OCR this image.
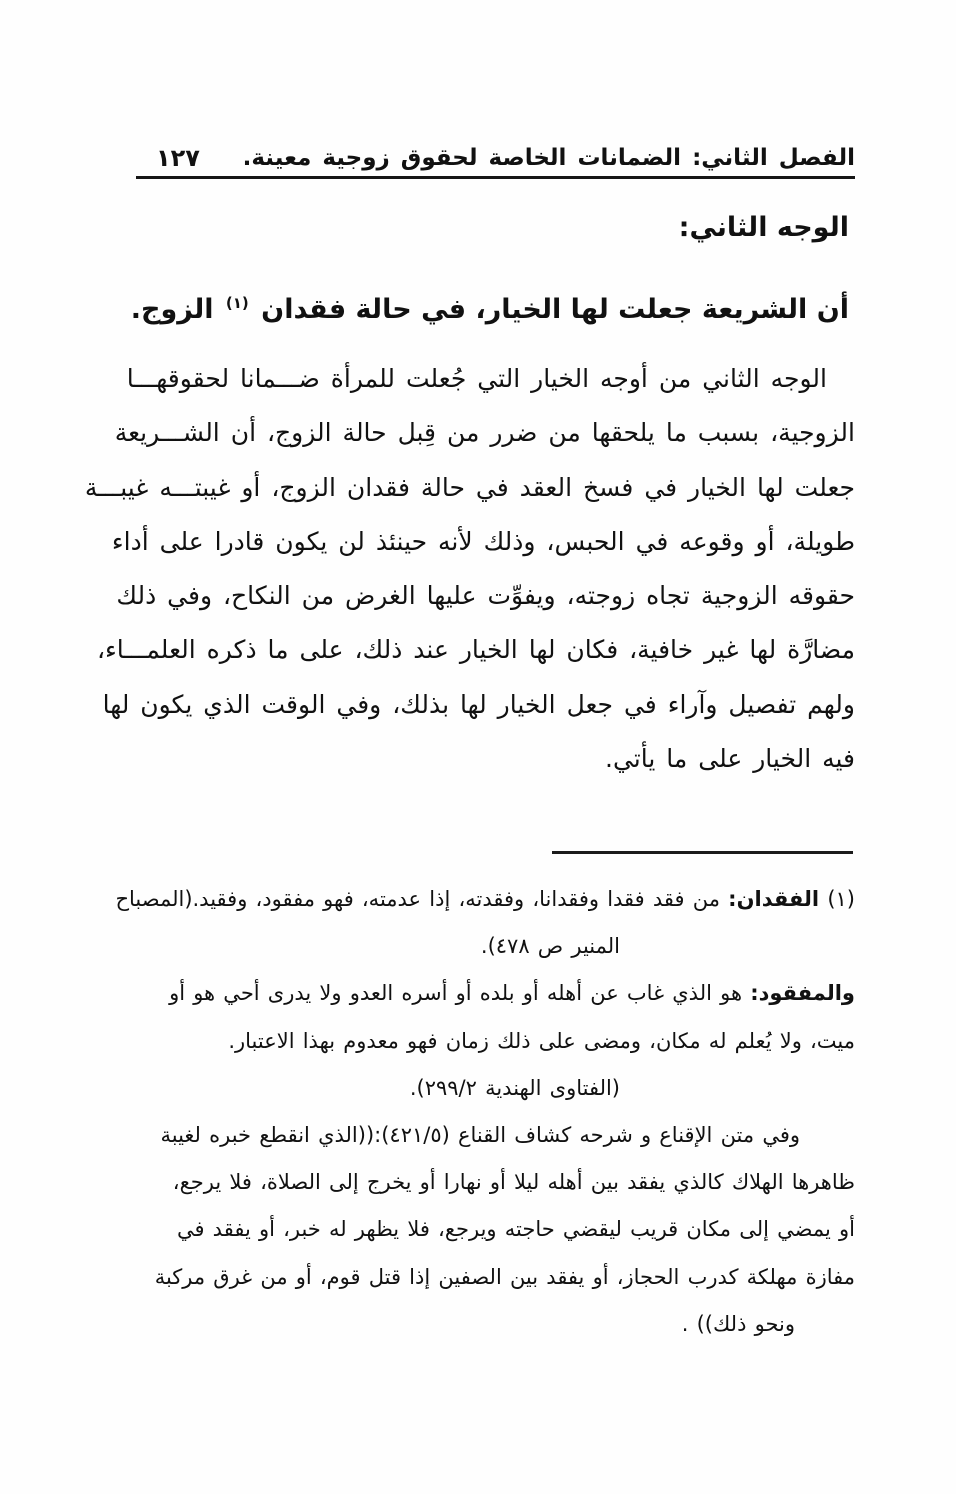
الفصل الثاني: الضمانات الخاصة لحقوق زوجية معينة.
١٢٧
الوجه الثاني:
أن الشريعة جعلت لها الخيار، في حالة فقدان $^{(١)}$ الزوج.
الوجه الثاني من أوجه الخيار التي جُعلت للمرأة ضـــمانا لحقوقهـــا
الزوجية، بسبب ما يلحقها من ضرر من قِبل حالة الزوج، أن الشـــريعة
جعلت لها الخيار في فسخ العقد في حالة فقدان الزوج، أو غيبتـــه غيبـــة
طويلة، أو وقوعه في الحبس، وذلك لأنه حينئذ لن يكون قادرا على أداء
حقوقه الزوجية تجاه زوجته، ويفوِّت عليها الغرض من النكاح، وفي ذلك
مضارَّة لها غير خافية، فكان لها الخيار عند ذلك، على ما ذكره العلمـــاء،
ولهم تفصيل وآراء في جعل الخيار لها بذلك، وفي الوقت الذي يكون لها
فيه الخيار على ما يأتي.
(١) الفقدان: من فقد فقدا وفقدانا، وفقدته، إذا عدمته، فهو مفقود، وفقيد.(المصباح
المنير ص ٤٧٨).
والمفقود: هو الذي غاب عن أهله أو بلده أو أسره العدو ولا يدرى أحي هو أو
ميت، ولا يُعلم له مكان، ومضى على ذلك زمان فهو معدوم بهذا الاعتبار.
(الفتاوى الهندية ٢٩٩/٢).
وفي متن الإقناع و شرحه كشاف القناع (٤٢١/٥):((الذي انقطع خبره لغيبة
ظاهرها الهلاك كالذي يفقد بين أهله ليلا أو نهارا أو يخرج إلى الصلاة، فلا يرجع،
أو يمضي إلى مكان قريب ليقضي حاجته ويرجع، فلا يظهر له خبر، أو يفقد في
مفازة مهلكة كدرب الحجاز، أو يفقد بين الصفين إذا قتل قوم، أو من غرق مركبة
ونحو ذلك)) .
